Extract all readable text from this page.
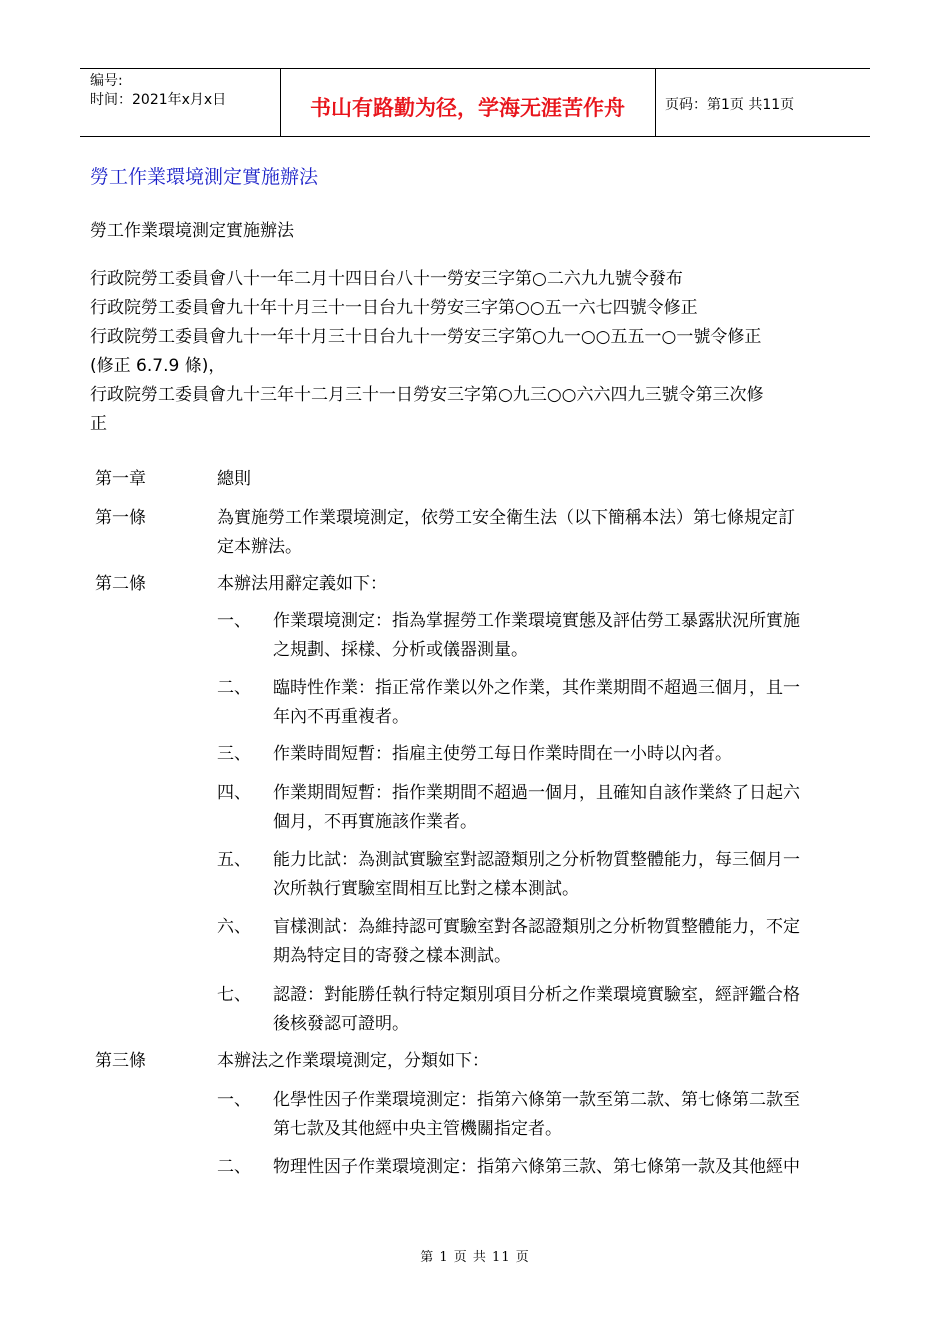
编号:
时间：2021年x月x日	书山有路勤为径，学海无涯苦作舟	页码：第1页 共11页
勞工作業環境測定實施辦法
勞工作業環境測定實施辦法
行政院勞工委員會八十一年二月十四日台八十一勞安三字第○二六九九號令發布
行政院勞工委員會九十年十月三十一日台九十勞安三字第○○五一六七四號令修正
行政院勞工委員會九十一年十月三十日台九十一勞安三字第○九一○○五五一○一號令修正
(修正 6.7.9 條)，
行政院勞工委員會九十三年十二月三十一日勞安三字第○九三○○六六四九三號令第三次修
正
第一章	總則
第一條	為實施勞工作業環境測定，依勞工安全衛生法（以下簡稱本法）第七條規定訂
定本辦法。
第二條	本辦法用辭定義如下：
一、 作業環境測定：指為掌握勞工作業環境實態及評估勞工暴露狀況所實施
之規劃、採樣、分析或儀器測量。
二、 臨時性作業：指正常作業以外之作業，其作業期間不超過三個月，且一
年內不再重複者。
三、 作業時間短暫：指雇主使勞工每日作業時間在一小時以內者。
四、 作業期間短暫：指作業期間不超過一個月，且確知自該作業終了日起六
個月，不再實施該作業者。
五、 能力比試：為測試實驗室對認證類別之分析物質整體能力，每三個月一
次所執行實驗室間相互比對之樣本測試。
六、 盲樣測試：為維持認可實驗室對各認證類別之分析物質整體能力，不定
期為特定目的寄發之樣本測試。
七、 認證：對能勝任執行特定類別項目分析之作業環境實驗室，經評鑑合格
後核發認可證明。
第三條	本辦法之作業環境測定，分類如下：
一、 化學性因子作業環境測定：指第六條第一款至第二款、第七條第二款至
第七款及其他經中央主管機關指定者。
二、 物理性因子作業環境測定：指第六條第三款、第七條第一款及其他經中
第 1 页 共 11 页
